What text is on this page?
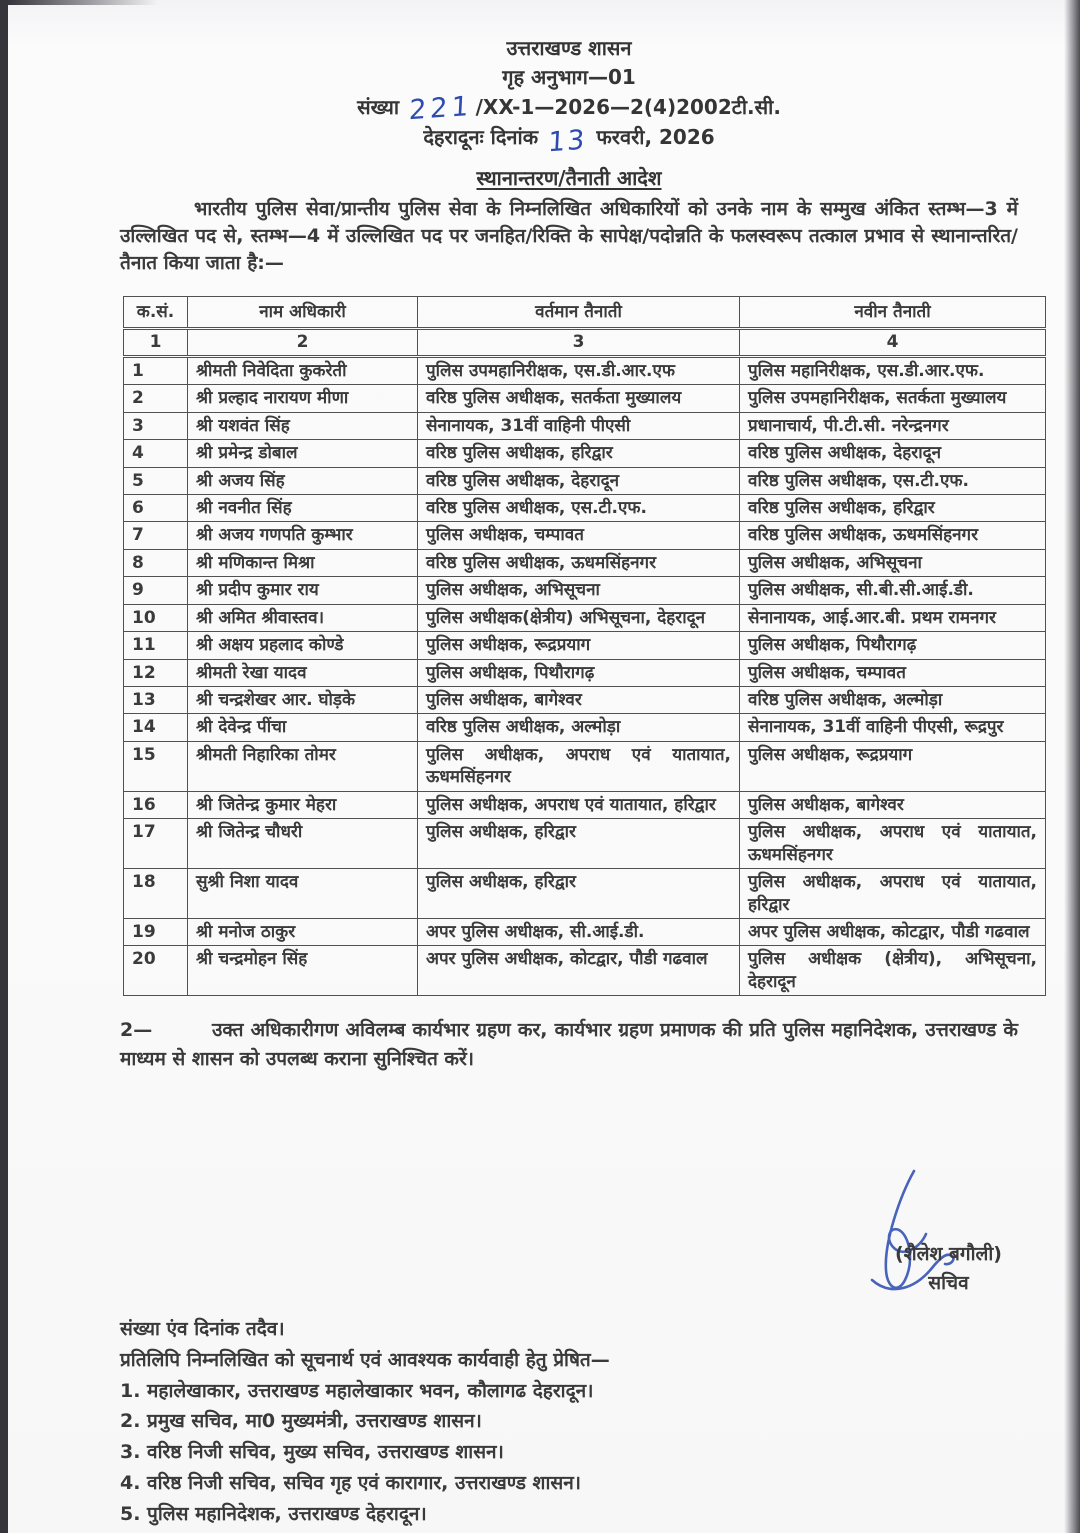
उत्तराखण्ड शासन
गृह अनुभाग—01
संख्या 221 /XX-1—2026—2(4)2002टी.सी.
देहरादूनः दिनांक 13 फरवरी, 2026
स्थानान्तरण/तैनाती आदेश

भारतीय पुलिस सेवा/प्रान्तीय पुलिस सेवा के निम्नलिखित अधिकारियों को उनके नाम के सम्मुख अंकित स्तम्भ—3 में उल्लिखित पद से, स्तम्भ—4 में उल्लिखित पद पर जनहित/रिक्ति के सापेक्ष/पदोन्नति के फलस्वरूप तत्काल प्रभाव से स्थानान्तरित/तैनात किया जाता है:—

क.सं.	नाम अधिकारी	वर्तमान तैनाती	नवीन तैनाती
1	2	3	4
1	श्रीमती निवेदिता कुकरेती	पुलिस उपमहानिरीक्षक, एस.डी.आर.एफ	पुलिस महानिरीक्षक, एस.डी.आर.एफ.
2	श्री प्रल्हाद नारायण मीणा	वरिष्ठ पुलिस अधीक्षक, सतर्कता मुख्यालय	पुलिस उपमहानिरीक्षक, सतर्कता मुख्यालय
3	श्री यशवंत सिंह	सेनानायक, 31वीं वाहिनी पीएसी	प्रधानाचार्य, पी.टी.सी. नरेन्द्रनगर
4	श्री प्रमेन्द्र डोबाल	वरिष्ठ पुलिस अधीक्षक, हरिद्वार	वरिष्ठ पुलिस अधीक्षक, देहरादून
5	श्री अजय सिंह	वरिष्ठ पुलिस अधीक्षक, देहरादून	वरिष्ठ पुलिस अधीक्षक, एस.टी.एफ.
6	श्री नवनीत सिंह	वरिष्ठ पुलिस अधीक्षक, एस.टी.एफ.	वरिष्ठ पुलिस अधीक्षक, हरिद्वार
7	श्री अजय गणपति कुम्भार	पुलिस अधीक्षक, चम्पावत	वरिष्ठ पुलिस अधीक्षक, ऊधमसिंहनगर
8	श्री मणिकान्त मिश्रा	वरिष्ठ पुलिस अधीक्षक, ऊधमसिंहनगर	पुलिस अधीक्षक, अभिसूचना
9	श्री प्रदीप कुमार राय	पुलिस अधीक्षक, अभिसूचना	पुलिस अधीक्षक, सी.बी.सी.आई.डी.
10	श्री अमित श्रीवास्तव।	पुलिस अधीक्षक(क्षेत्रीय) अभिसूचना, देहरादून	सेनानायक, आई.आर.बी. प्रथम रामनगर
11	श्री अक्षय प्रहलाद कोण्डे	पुलिस अधीक्षक, रूद्रप्रयाग	पुलिस अधीक्षक, पिथौरागढ़
12	श्रीमती रेखा यादव	पुलिस अधीक्षक, पिथौरागढ़	पुलिस अधीक्षक, चम्पावत
13	श्री चन्द्रशेखर आर. घोड़के	पुलिस अधीक्षक, बागेश्वर	वरिष्ठ पुलिस अधीक्षक, अल्मोड़ा
14	श्री देवेन्द्र पींचा	वरिष्ठ पुलिस अधीक्षक, अल्मोड़ा	सेनानायक, 31वीं वाहिनी पीएसी, रूद्रपुर
15	श्रीमती निहारिका तोमर	पुलिस अधीक्षक, अपराध एवं यातायात, ऊधमसिंहनगर	पुलिस अधीक्षक, रूद्रप्रयाग
16	श्री जितेन्द्र कुमार मेहरा	पुलिस अधीक्षक, अपराध एवं यातायात, हरिद्वार	पुलिस अधीक्षक, बागेश्वर
17	श्री जितेन्द्र चौधरी	पुलिस अधीक्षक, हरिद्वार	पुलिस अधीक्षक, अपराध एवं यातायात, ऊधमसिंहनगर
18	सुश्री निशा यादव	पुलिस अधीक्षक, हरिद्वार	पुलिस अधीक्षक, अपराध एवं यातायात, हरिद्वार
19	श्री मनोज ठाकुर	अपर पुलिस अधीक्षक, सी.आई.डी.	अपर पुलिस अधीक्षक, कोटद्वार, पौडी गढवाल
20	श्री चन्द्रमोहन सिंह	अपर पुलिस अधीक्षक, कोटद्वार, पौडी गढवाल	पुलिस अधीक्षक (क्षेत्रीय), अभिसूचना, देहरादून

2—	उक्त अधिकारीगण अविलम्ब कार्यभार ग्रहण कर, कार्यभार ग्रहण प्रमाणक की प्रति पुलिस महानिदेशक, उत्तराखण्ड के माध्यम से शासन को उपलब्ध कराना सुनिश्चित करें।

(शैलेश बगौली)
सचिव
संख्या एंव दिनांक तदैव।
प्रतिलिपि निम्नलिखित को सूचनार्थ एवं आवश्यक कार्यवाही हेतु प्रेषित—
1. महालेखाकार, उत्तराखण्ड महालेखाकार भवन, कौलागढ देहरादून।
2. प्रमुख सचिव, मा0 मुख्यमंत्री, उत्तराखण्ड शासन।
3. वरिष्ठ निजी सचिव, मुख्य सचिव, उत्तराखण्ड शासन।
4. वरिष्ठ निजी सचिव, सचिव गृह एवं कारागार, उत्तराखण्ड शासन।
5. पुलिस महानिदेशक, उत्तराखण्ड देहरादून।
